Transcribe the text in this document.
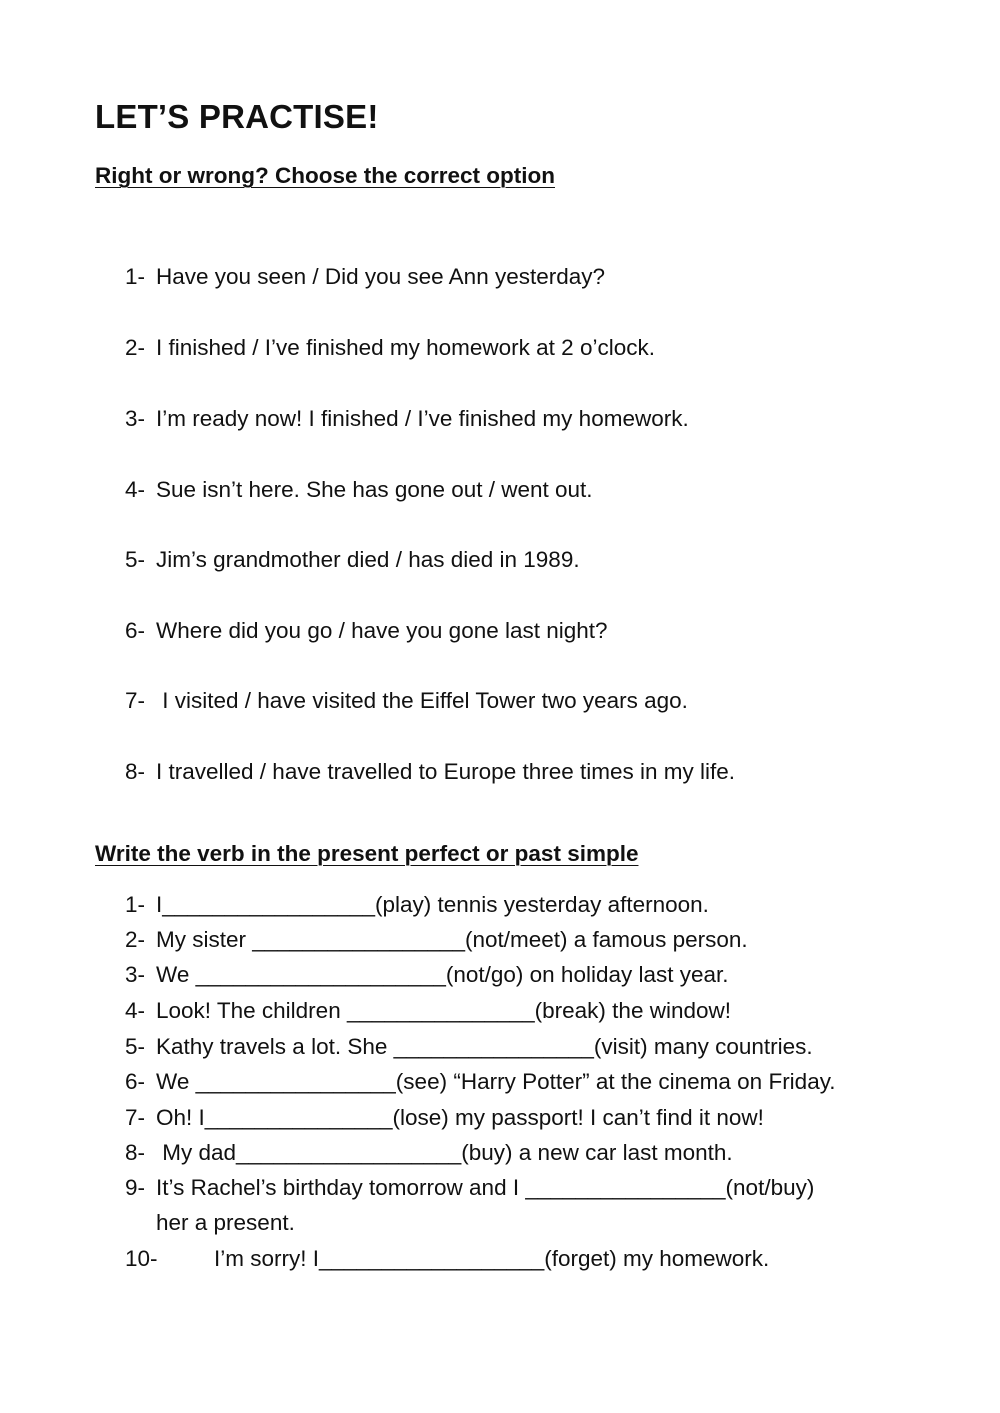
LET’S PRACTISE!
Right or wrong? Choose the correct option
1- Have you seen / Did you see Ann yesterday?
2- I finished / I’ve finished my homework at 2 o’clock.
3- I’m ready now! I finished / I’ve finished my homework.
4- Sue isn’t here. She has gone out / went out.
5- Jim’s grandmother died / has died in 1989.
6- Where did you go / have you gone last night?
7- I visited / have visited the Eiffel Tower two years ago.
8- I travelled / have travelled to Europe three times in my life.
Write the verb in the present perfect or past simple
1- I_________________(play) tennis yesterday afternoon.
2- My sister _________________(not/meet) a famous person.
3- We ____________________(not/go) on holiday last year.
4- Look! The children _______________(break) the window!
5- Kathy travels a lot. She ________________(visit) many countries.
6- We ________________(see) “Harry Potter” at the cinema on Friday.
7- Oh! I_______________(lose) my passport! I can’t find it now!
8- My dad__________________(buy) a new car last month.
9- It’s Rachel’s birthday tomorrow and I ________________(not/buy)
her a present.
10-	I’m sorry! I__________________(forget) my homework.
